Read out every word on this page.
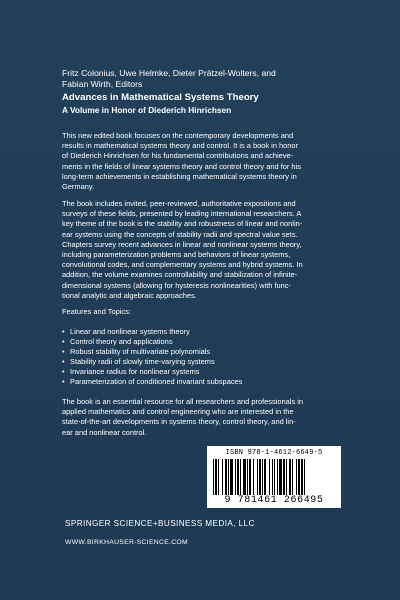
Fritz Colonius, Uwe Helmke, Dieter Prätzel-Wolters, and

Fabian Wirth, Editors

Advances in Mathematical Systems Theory

A Volume in Honor of Diederich Hinrichsen

This new edited book focuses on the contemporary developments and

results in mathematical systems theory and control. It is a book in honor

of Diederich Hinrichsen for his fundamental contributions and achieve-

ments in the fields of linear systems theory and control theory and for his

long-term achievements in establishing mathematical systems theory in

Germany.

The book includes invited, peer-reviewed, authoritative expositions and

surveys of these fields, presented by leading international researchers. A

key theme of the book is the stability and robustness of linear and nonlin-

ear systems using the concepts of stability radii and spectral value sets.

Chapters survey recent advances in linear and nonlinear systems theory,

including parameterization problems and behaviors of linear systems,

convolutional codes, and complementary systems and hybrid systems. In

addition, the volume examines controllability and stabilization of infinite-

dimensional systems (allowing for hysteresis nonlinearities) with func-

tional analytic and algebraic approaches.

Features and Topics:

• Linear and nonlinear systems theory
• Control theory and applications
• Robust stability of multivariate polynomials
• Stability radii of slowly time-varying systems
• Invariance radius for nonlinear systems
• Parameterization of conditioned invariant subspaces

The book is an essential resource for all researchers and professionals in

applied mathematics and control engineering who are interested in the

state-of-the-art developments in systems theory, control theory, and lin-

ear and nonlinear control.

ISBN 978-1-4612-6649-5
9 781461 266495
SPRINGER SCIENCE+BUSINESS MEDIA, LLC
WWW.BIRKHAUSER-SCIENCE.COM
